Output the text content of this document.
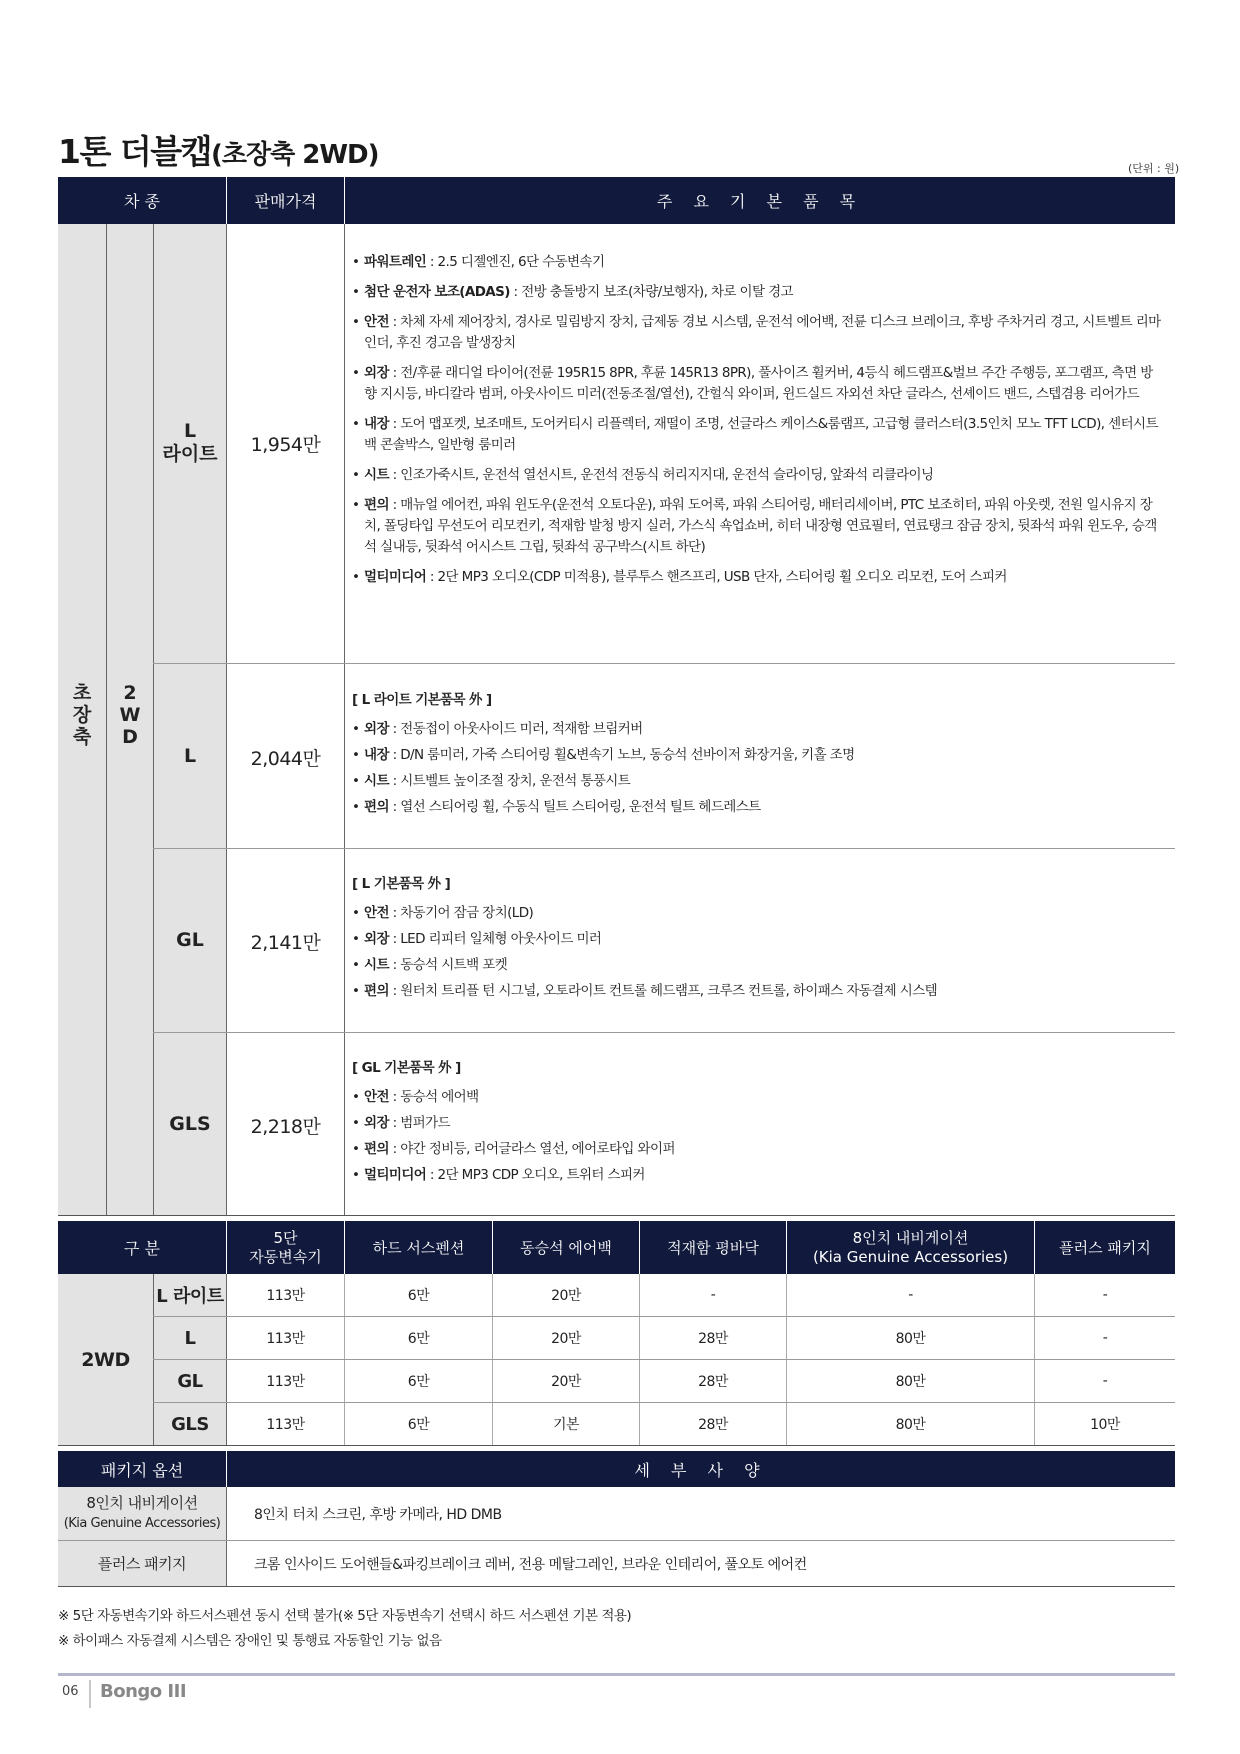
1톤 더블캡(초장축 2WD)	(단위 : 원)
차 종	판매가격	주 요 기 본 품 목
초
장
축
2
W
D
L
라이트	1,954만
• 파워트레인 : 2.5 디젤엔진, 6단 수동변속기
• 첨단 운전자 보조(ADAS) : 전방 충돌방지 보조(차량/보행자), 차로 이탈 경고
• 안전 : 차체 자세 제어장치, 경사로 밀림방지 장치, 급제동 경보 시스템, 운전석 에어백, 전륜 디스크 브레이크, 후방 주차거리 경고, 시트벨트 리마인더, 후진 경고음 발생장치
• 외장 : 전/후륜 래디얼 타이어(전륜 195R15 8PR, 후륜 145R13 8PR), 풀사이즈 휠커버, 4등식 헤드램프&벌브 주간 주행등, 포그램프, 측면 방향 지시등, 바디칼라 범퍼, 아웃사이드 미러(전동조절/열선), 간헐식 와이퍼, 윈드실드 자외선 차단 글라스, 선셰이드 밴드, 스텝겸용 리어가드
• 내장 : 도어 맵포켓, 보조매트, 도어커티시 리플렉터, 재떨이 조명, 선글라스 케이스&룸램프, 고급형 클러스터(3.5인치 모노 TFT LCD), 센터시트백 콘솔박스, 일반형 룸미러
• 시트 : 인조가죽시트, 운전석 열선시트, 운전석 전동식 허리지지대, 운전석 슬라이딩, 앞좌석 리클라이닝
• 편의 : 매뉴얼 에어컨, 파워 윈도우(운전석 오토다운), 파워 도어록, 파워 스티어링, 배터리세이버, PTC 보조히터, 파워 아웃렛, 전원 일시유지 장치, 폴딩타입 무선도어 리모컨키, 적재함 발청 방지 실러, 가스식 쇽업쇼버, 히터 내장형 연료필터, 연료탱크 잠금 장치, 뒷좌석 파워 윈도우, 승객석 실내등, 뒷좌석 어시스트 그립, 뒷좌석 공구박스(시트 하단)
• 멀티미디어 : 2단 MP3 오디오(CDP 미적용), 블루투스 핸즈프리, USB 단자, 스티어링 휠 오디오 리모컨, 도어 스피커
L	2,044만
[ L 라이트 기본품목 外 ]
• 외장 : 전동접이 아웃사이드 미러, 적재함 브림커버
• 내장 : D/N 룸미러, 가죽 스티어링 휠&변속기 노브, 동승석 선바이저 화장거울, 키홀 조명
• 시트 : 시트벨트 높이조절 장치, 운전석 통풍시트
• 편의 : 열선 스티어링 휠, 수동식 틸트 스티어링, 운전석 틸트 헤드레스트
GL	2,141만
[ L 기본품목 外 ]
• 안전 : 차동기어 잠금 장치(LD)
• 외장 : LED 리피터 일체형 아웃사이드 미러
• 시트 : 동승석 시트백 포켓
• 편의 : 원터치 트리플 턴 시그널, 오토라이트 컨트롤 헤드램프, 크루즈 컨트롤, 하이패스 자동결제 시스템
GLS	2,218만
[ GL 기본품목 外 ]
• 안전 : 동승석 에어백
• 외장 : 범퍼가드
• 편의 : 야간 정비등, 리어글라스 열선, 에어로타입 와이퍼
• 멀티미디어 : 2단 MP3 CDP 오디오, 트위터 스피커
구 분
5단
자동변속기	하드 서스펜션	동승석 에어백	적재함 평바닥
8인치 내비게이션
(Kia Genuine Accessories)	플러스 패키지
2WD
L 라이트	113만	6만	20만	-	-	-
L	113만	6만	20만	28만	80만	-
GL	113만	6만	20만	28만	80만	-
GLS	113만	6만	기본	28만	80만	10만
패키지 옵션	세 부 사 양
8인치 내비게이션
(Kia Genuine Accessories)
8인치 터치 스크린, 후방 카메라, HD DMB
플러스 패키지	크롬 인사이드 도어핸들&파킹브레이크 레버, 전용 메탈그레인, 브라운 인테리어, 풀오토 에어컨
※ 5단 자동변속기와 하드서스펜션 동시 선택 불가(※ 5단 자동변속기 선택시 하드 서스펜션 기본 적용)
※ 하이패스 자동결제 시스템은 장애인 및 통행료 자동할인 기능 없음
06 Bongo III
